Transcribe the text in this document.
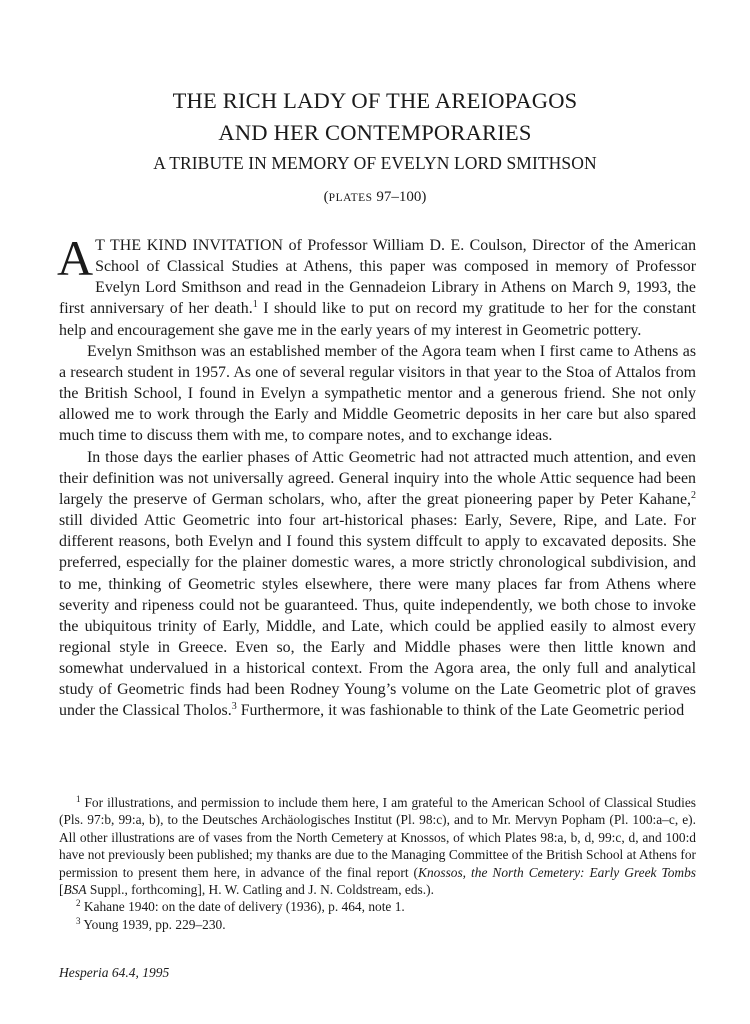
THE RICH LADY OF THE AREIOPAGOS
AND HER CONTEMPORARIES
A TRIBUTE IN MEMORY OF EVELYN LORD SMITHSON
(PLATES 97–100)

A T THE KIND INVITATION of Professor William D. E. Coulson, Director of the American School of Classical Studies at Athens, this paper was composed in memory of Professor Evelyn Lord Smithson and read in the Gennadeion Library in Athens on March 9, 1993, the first anniversary of her death.$^1$ I should like to put on record my gratitude to her for the constant help and encouragement she gave me in the early years of my interest in Geometric pottery.

Evelyn Smithson was an established member of the Agora team when I first came to Athens as a research student in 1957. As one of several regular visitors in that year to the Stoa of Attalos from the British School, I found in Evelyn a sympathetic mentor and a generous friend. She not only allowed me to work through the Early and Middle Geometric deposits in her care but also spared much time to discuss them with me, to compare notes, and to exchange ideas.

In those days the earlier phases of Attic Geometric had not attracted much attention, and even their definition was not universally agreed. General inquiry into the whole Attic sequence had been largely the preserve of German scholars, who, after the great pioneering paper by Peter Kahane,$^2$ still divided Attic Geometric into four art-historical phases: Early, Severe, Ripe, and Late. For different reasons, both Evelyn and I found this system diffcult to apply to excavated deposits. She preferred, especially for the plainer domestic wares, a more strictly chronological subdivision, and to me, thinking of Geometric styles elsewhere, there were many places far from Athens where severity and ripeness could not be guaranteed. Thus, quite independently, we both chose to invoke the ubiquitous trinity of Early, Middle, and Late, which could be applied easily to almost every regional style in Greece. Even so, the Early and Middle phases were then little known and somewhat undervalued in a historical context. From the Agora area, the only full and analytical study of Geometric finds had been Rodney Young’s volume on the Late Geometric plot of graves under the Classical Tholos.$^3$ Furthermore, it was fashionable to think of the Late Geometric period

$^1$ For illustrations, and permission to include them here, I am grateful to the American School of Classical Studies (Pls. 97:b, 99:a, b), to the Deutsches Archäologisches Institut (Pl. 98:c), and to Mr. Mervyn Popham (Pl. 100:a–c, e). All other illustrations are of vases from the North Cemetery at Knossos, of which Plates 98:a, b, d, 99:c, d, and 100:d have not previously been published; my thanks are due to the Managing Committee of the British School at Athens for permission to present them here, in advance of the final report (Knossos, the North Cemetery: Early Greek Tombs [BSA Suppl., forthcoming], H. W. Catling and J. N. Coldstream, eds.).

$^2$ Kahane 1940: on the date of delivery (1936), p. 464, note 1.

$^3$ Young 1939, pp. 229–230.

Hesperia 64.4, 1995
